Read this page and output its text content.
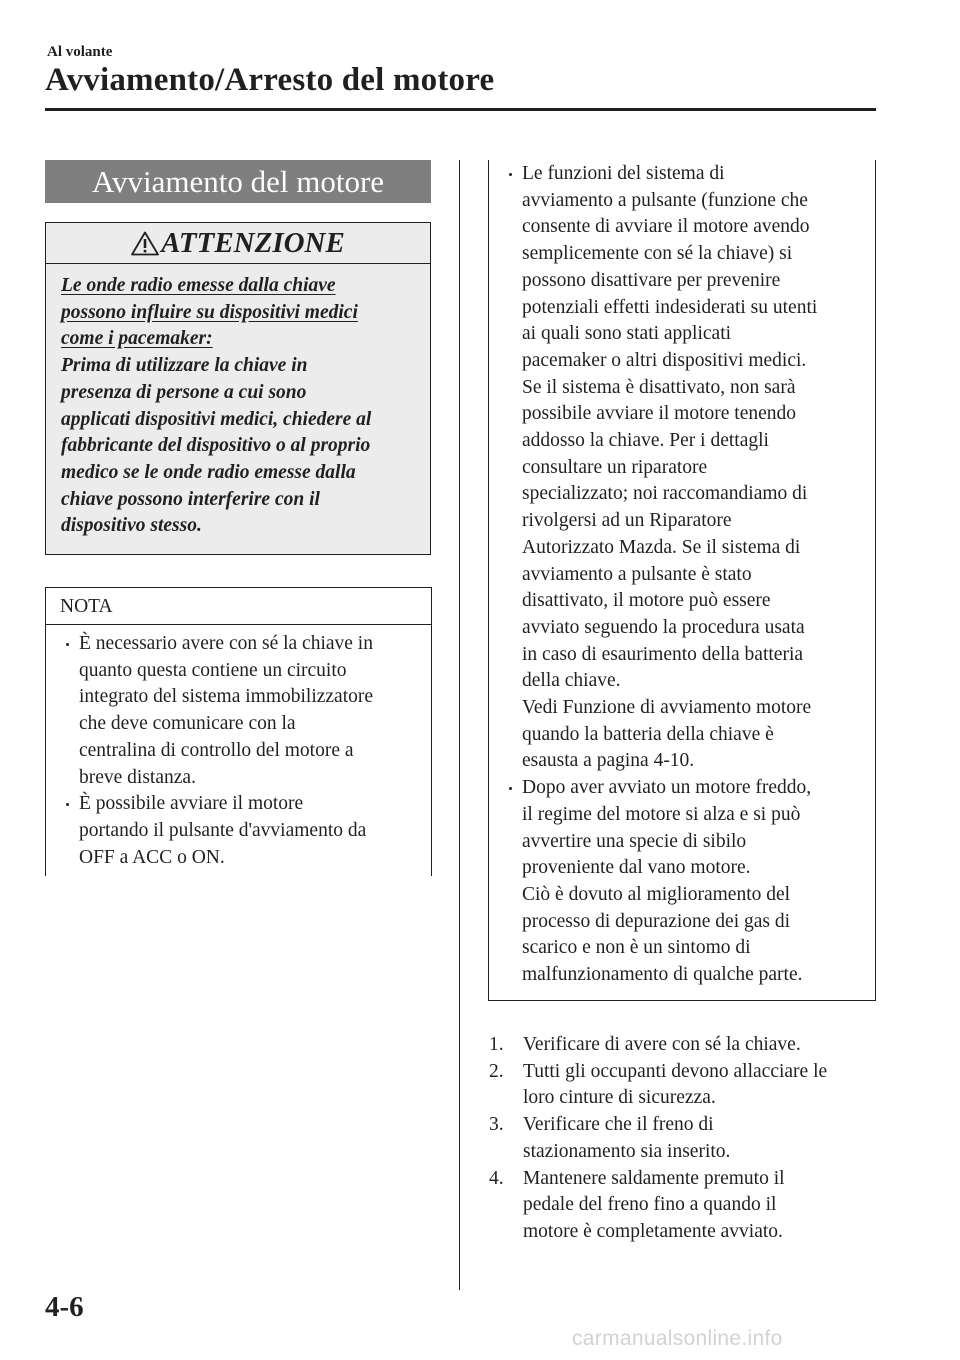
Al volante
Avviamento/Arresto del motore
Avviamento del motore
ATTENZIONE
Le onde radio emesse dalla chiave
possono influire su dispositivi medici
come i pacemaker:
Prima di utilizzare la chiave in
presenza di persone a cui sono
applicati dispositivi medici, chiedere al
fabbricante del dispositivo o al proprio
medico se le onde radio emesse dalla
chiave possono interferire con il
dispositivo stesso.
NOTA
È necessario avere con sé la chiave in
quanto questa contiene un circuito
integrato del sistema immobilizzatore
che deve comunicare con la
centralina di controllo del motore a
breve distanza.
È possibile avviare il motore
portando il pulsante d'avviamento da
OFF a ACC o ON.
Le funzioni del sistema di
avviamento a pulsante (funzione che
consente di avviare il motore avendo
semplicemente con sé la chiave) si
possono disattivare per prevenire
potenziali effetti indesiderati su utenti
ai quali sono stati applicati
pacemaker o altri dispositivi medici.
Se il sistema è disattivato, non sarà
possibile avviare il motore tenendo
addosso la chiave. Per i dettagli
consultare un riparatore
specializzato; noi raccomandiamo di
rivolgersi ad un Riparatore
Autorizzato Mazda. Se il sistema di
avviamento a pulsante è stato
disattivato, il motore può essere
avviato seguendo la procedura usata
in caso di esaurimento della batteria
della chiave.
Vedi Funzione di avviamento motore
quando la batteria della chiave è
esausta a pagina 4-10.
Dopo aver avviato un motore freddo,
il regime del motore si alza e si può
avvertire una specie di sibilo
proveniente dal vano motore.
Ciò è dovuto al miglioramento del
processo di depurazione dei gas di
scarico e non è un sintomo di
malfunzionamento di qualche parte.
1. Verificare di avere con sé la chiave.
2. Tutti gli occupanti devono allacciare le
loro cinture di sicurezza.
3. Verificare che il freno di
stazionamento sia inserito.
4. Mantenere saldamente premuto il
pedale del freno fino a quando il
motore è completamente avviato.
4-6
carmanualsonline.info
